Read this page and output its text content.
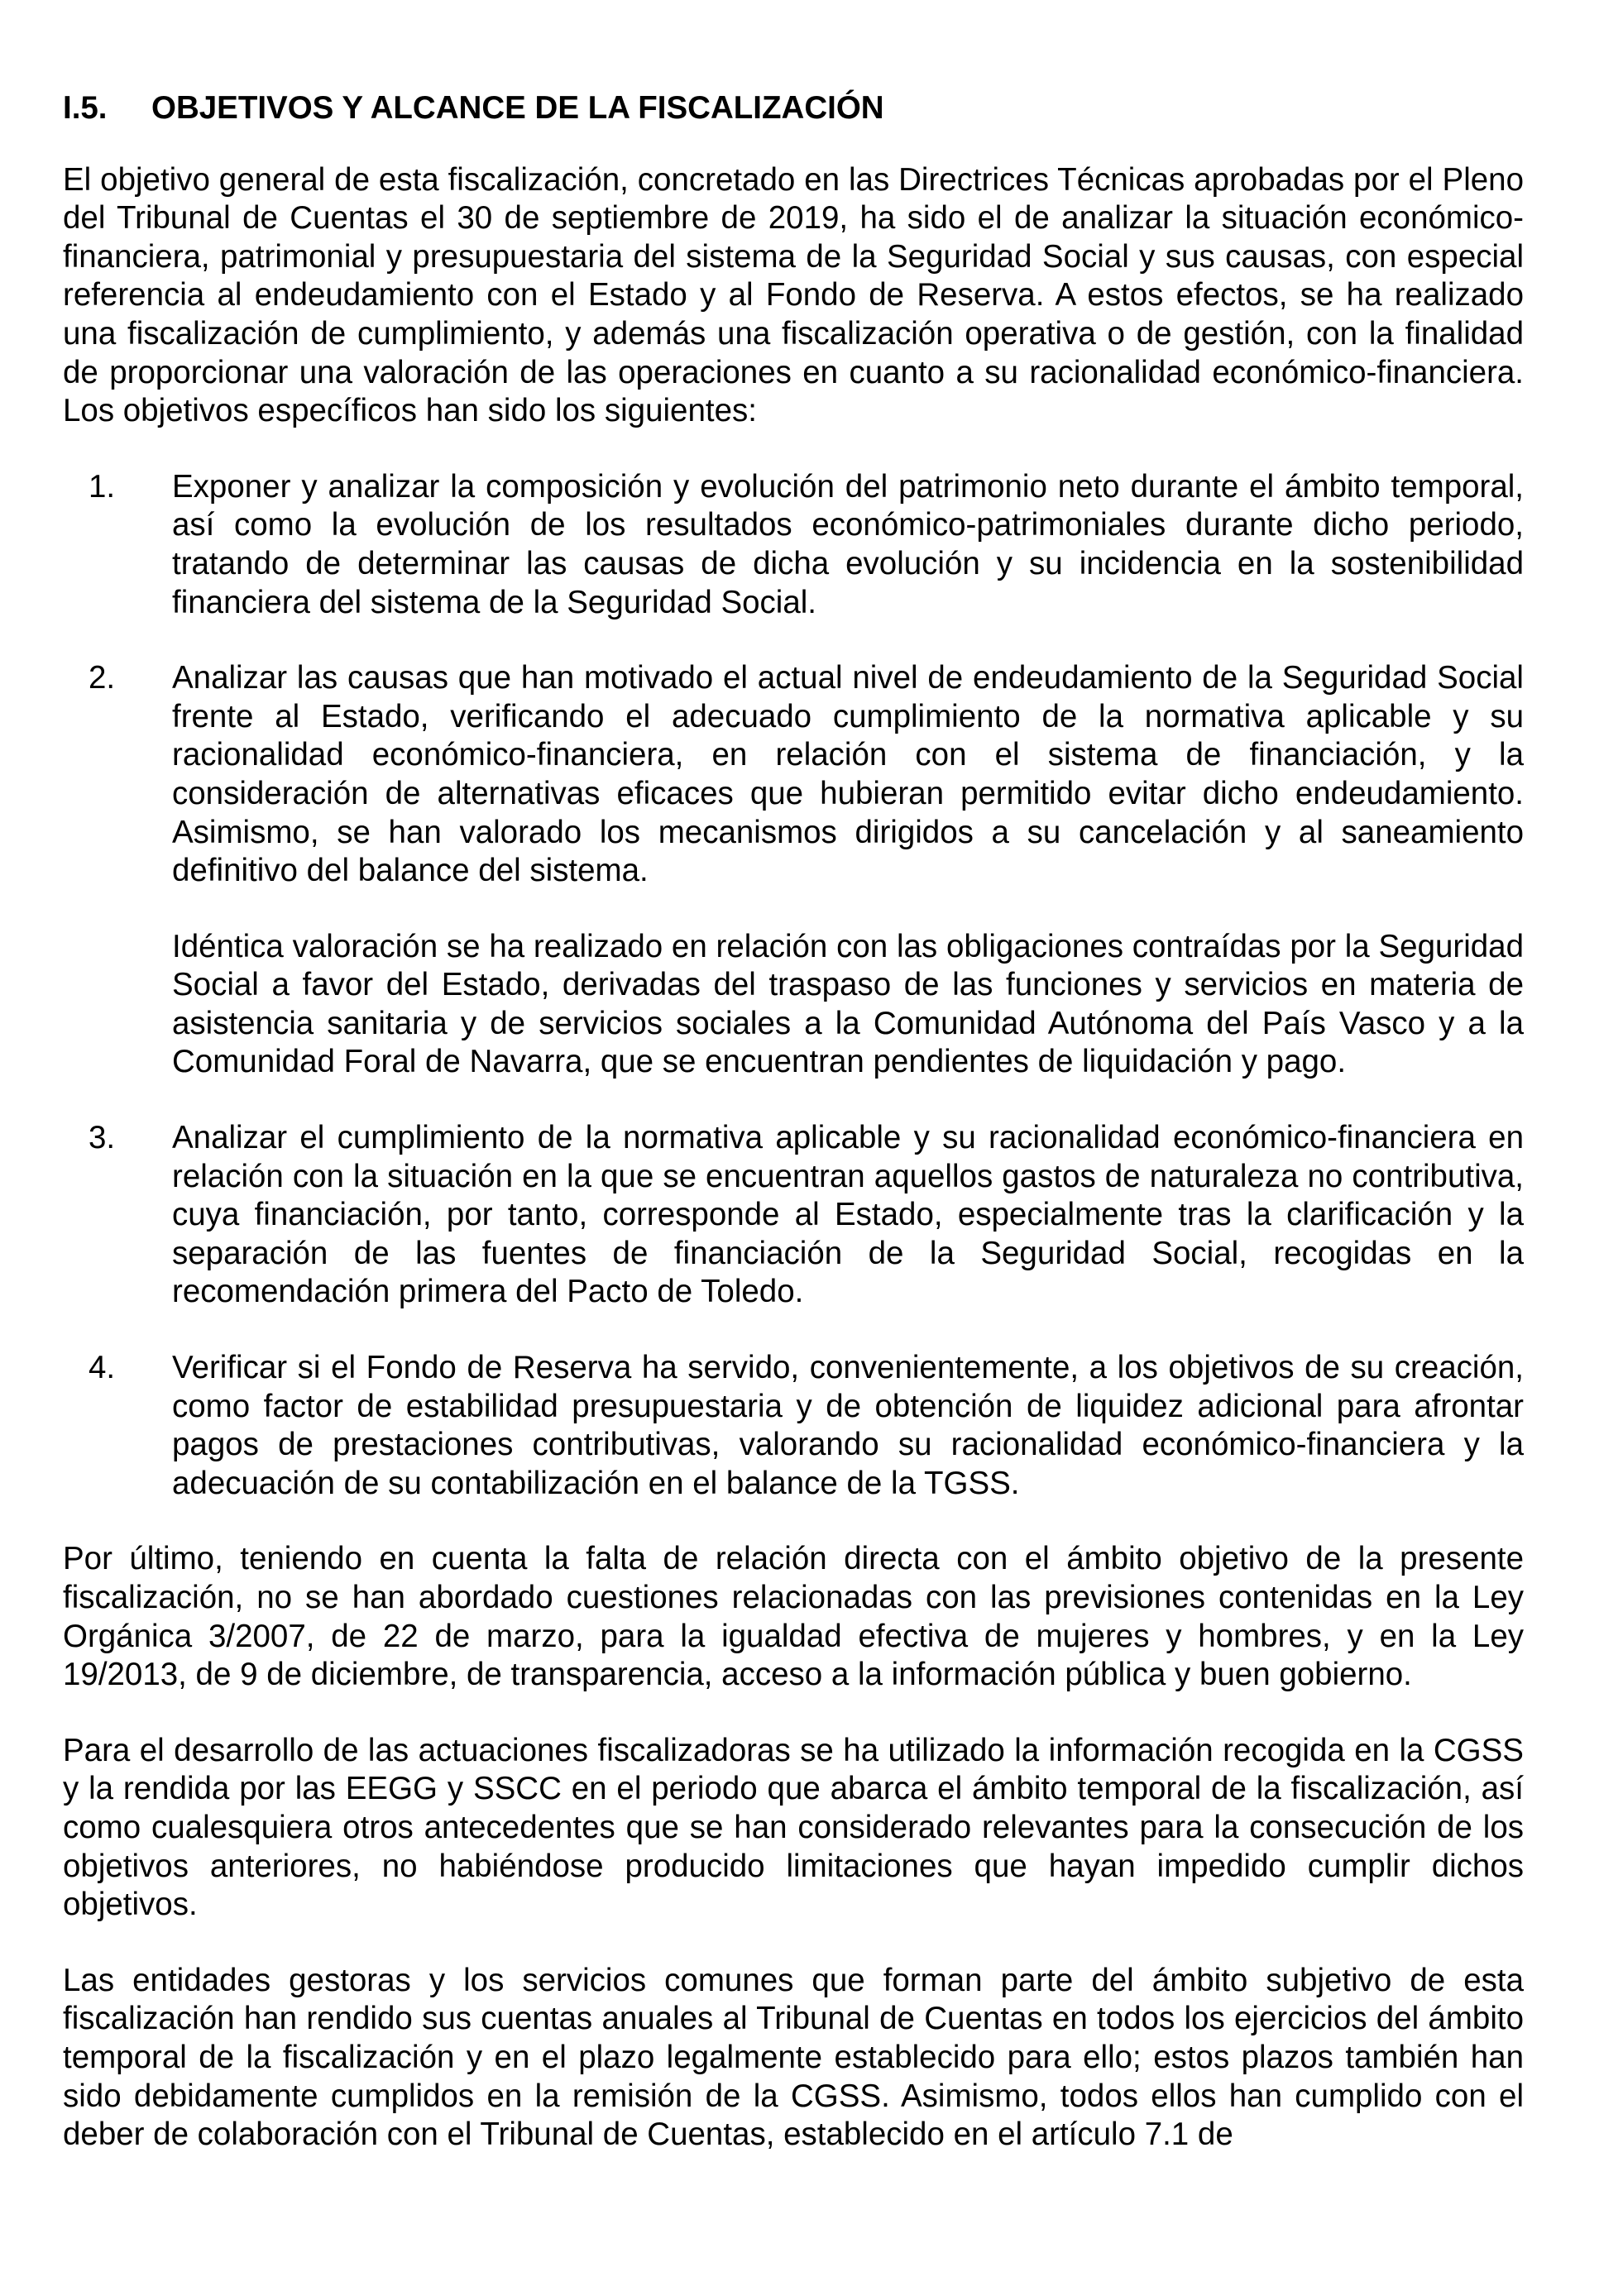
I.5.	OBJETIVOS Y ALCANCE DE LA FISCALIZACIÓN

El objetivo general de esta fiscalización, concretado en las Directrices Técnicas aprobadas por el Pleno del Tribunal de Cuentas el 30 de septiembre de 2019, ha sido el de analizar la situación económico-financiera, patrimonial y presupuestaria del sistema de la Seguridad Social y sus causas, con especial referencia al endeudamiento con el Estado y al Fondo de Reserva. A estos efectos, se ha realizado una fiscalización de cumplimiento, y además una fiscalización operativa o de gestión, con la finalidad de proporcionar una valoración de las operaciones en cuanto a su racionalidad económico-financiera. Los objetivos específicos han sido los siguientes:

1.	Exponer y analizar la composición y evolución del patrimonio neto durante el ámbito temporal, así como la evolución de los resultados económico-patrimoniales durante dicho periodo, tratando de determinar las causas de dicha evolución y su incidencia en la sostenibilidad financiera del sistema de la Seguridad Social.

2.	Analizar las causas que han motivado el actual nivel de endeudamiento de la Seguridad Social frente al Estado, verificando el adecuado cumplimiento de la normativa aplicable y su racionalidad económico-financiera, en relación con el sistema de financiación, y la consideración de alternativas eficaces que hubieran permitido evitar dicho endeudamiento. Asimismo, se han valorado los mecanismos dirigidos a su cancelación y al saneamiento definitivo del balance del sistema.

Idéntica valoración se ha realizado en relación con las obligaciones contraídas por la Seguridad Social a favor del Estado, derivadas del traspaso de las funciones y servicios en materia de asistencia sanitaria y de servicios sociales a la Comunidad Autónoma del País Vasco y a la Comunidad Foral de Navarra, que se encuentran pendientes de liquidación y pago.

3.	Analizar el cumplimiento de la normativa aplicable y su racionalidad económico-financiera en relación con la situación en la que se encuentran aquellos gastos de naturaleza no contributiva, cuya financiación, por tanto, corresponde al Estado, especialmente tras la clarificación y la separación de las fuentes de financiación de la Seguridad Social, recogidas en la recomendación primera del Pacto de Toledo.

4.	Verificar si el Fondo de Reserva ha servido, convenientemente, a los objetivos de su creación, como factor de estabilidad presupuestaria y de obtención de liquidez adicional para afrontar pagos de prestaciones contributivas, valorando su racionalidad económico-financiera y la adecuación de su contabilización en el balance de la TGSS.

Por último, teniendo en cuenta la falta de relación directa con el ámbito objetivo de la presente fiscalización, no se han abordado cuestiones relacionadas con las previsiones contenidas en la Ley Orgánica 3/2007, de 22 de marzo, para la igualdad efectiva de mujeres y hombres, y en la Ley 19/2013, de 9 de diciembre, de transparencia, acceso a la información pública y buen gobierno.

Para el desarrollo de las actuaciones fiscalizadoras se ha utilizado la información recogida en la CGSS y la rendida por las EEGG y SSCC en el periodo que abarca el ámbito temporal de la fiscalización, así como cualesquiera otros antecedentes que se han considerado relevantes para la consecución de los objetivos anteriores, no habiéndose producido limitaciones que hayan impedido cumplir dichos objetivos.

Las entidades gestoras y los servicios comunes que forman parte del ámbito subjetivo de esta fiscalización han rendido sus cuentas anuales al Tribunal de Cuentas en todos los ejercicios del ámbito temporal de la fiscalización y en el plazo legalmente establecido para ello; estos plazos también han sido debidamente cumplidos en la remisión de la CGSS. Asimismo, todos ellos han cumplido con el deber de colaboración con el Tribunal de Cuentas, establecido en el artículo 7.1 de
